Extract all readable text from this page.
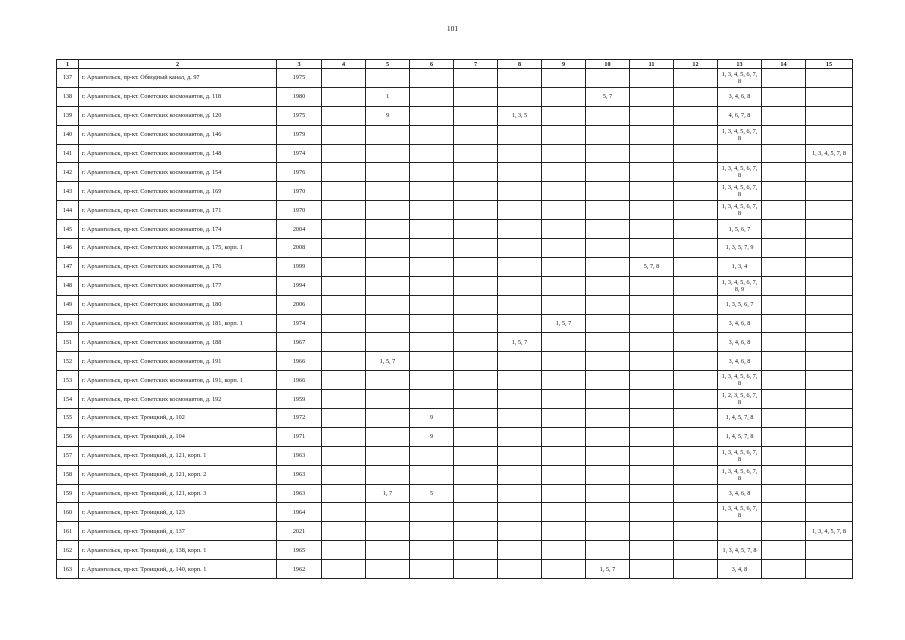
101
1	2	3	4	5	6	7	8	9	10	11	12	13	14	15
137	г. Архангельск, пр-кт. Обводный канал, д. 97	1975										1, 3, 4, 5, 6, 7, 8		
138	г. Архангельск, пр-кт. Советских космонавтов, д. 118	1980		1					5, 7			3, 4, 6, 8		
139	г. Архангельск, пр-кт. Советских космонавтов, д. 120	1975		9			1, 3, 5					4, 6, 7, 8		
140	г. Архангельск, пр-кт. Советских космонавтов, д. 146	1979										1, 3, 4, 5, 6, 7, 8		
141	г. Архангельск, пр-кт. Советских космонавтов, д. 148	1974												1, 3, 4, 5, 7, 8
142	г. Архангельск, пр-кт. Советских космонавтов, д. 154	1976										1, 3, 4, 5, 6, 7, 8		
143	г. Архангельск, пр-кт. Советских космонавтов, д. 169	1970										1, 3, 4, 5, 6, 7, 8		
144	г. Архангельск, пр-кт. Советских космонавтов, д. 171	1970										1, 3, 4, 5, 6, 7, 8		
145	г. Архангельск, пр-кт. Советских космонавтов, д. 174	2004										1, 5, 6, 7		
146	г. Архангельск, пр-кт. Советских космонавтов, д. 175, корп. 1	2008										1, 3, 5, 7, 9		
147	г. Архангельск, пр-кт. Советских космонавтов, д. 176	1999								5, 7, 8		1, 3, 4		
148	г. Архангельск, пр-кт. Советских космонавтов, д. 177	1994										1, 3, 4, 5, 6, 7, 8, 9		
149	г. Архангельск, пр-кт. Советских космонавтов, д. 180	2006										1, 3, 5, 6, 7		
150	г. Архангельск, пр-кт. Советских космонавтов, д. 181, корп. 1	1974						1, 5, 7				3, 4, 6, 8		
151	г. Архангельск, пр-кт. Советских космонавтов, д. 188	1967					1, 5, 7					3, 4, 6, 8		
152	г. Архангельск, пр-кт. Советских космонавтов, д. 191	1966		1, 5, 7								3, 4, 6, 8		
153	г. Архангельск, пр-кт. Советских космонавтов, д. 191, корп. 1	1966										1, 3, 4, 5, 6, 7, 8		
154	г. Архангельск, пр-кт. Советских космонавтов, д. 192	1959										1, 2, 3, 5, 6, 7, 8		
155	г. Архангельск, пр-кт. Троицкий, д. 102	1972			9							1, 4, 5, 7, 8		
156	г. Архангельск, пр-кт. Троицкий, д. 104	1971			9							1, 4, 5, 7, 8		
157	г. Архангельск, пр-кт. Троицкий, д. 121, корп. 1	1963										1, 3, 4, 5, 6, 7, 8		
158	г. Архангельск, пр-кт. Троицкий, д. 121, корп. 2	1963										1, 3, 4, 5, 6, 7, 8		
159	г. Архангельск, пр-кт. Троицкий, д. 121, корп. 3	1963		1, 7	5							3, 4, 6, 8		
160	г. Архангельск, пр-кт. Троицкий, д. 123	1964										1, 3, 4, 5, 6, 7, 8		
161	г. Архангельск, пр-кт. Троицкий, д. 137	2021												1, 3, 4, 5, 7, 8
162	г. Архангельск, пр-кт. Троицкий, д. 138, корп. 1	1965										1, 3, 4, 5, 7, 8		
163	г. Архангельск, пр-кт. Троицкий, д. 140, корп. 1	1962							1, 5, 7			3, 4, 8		
